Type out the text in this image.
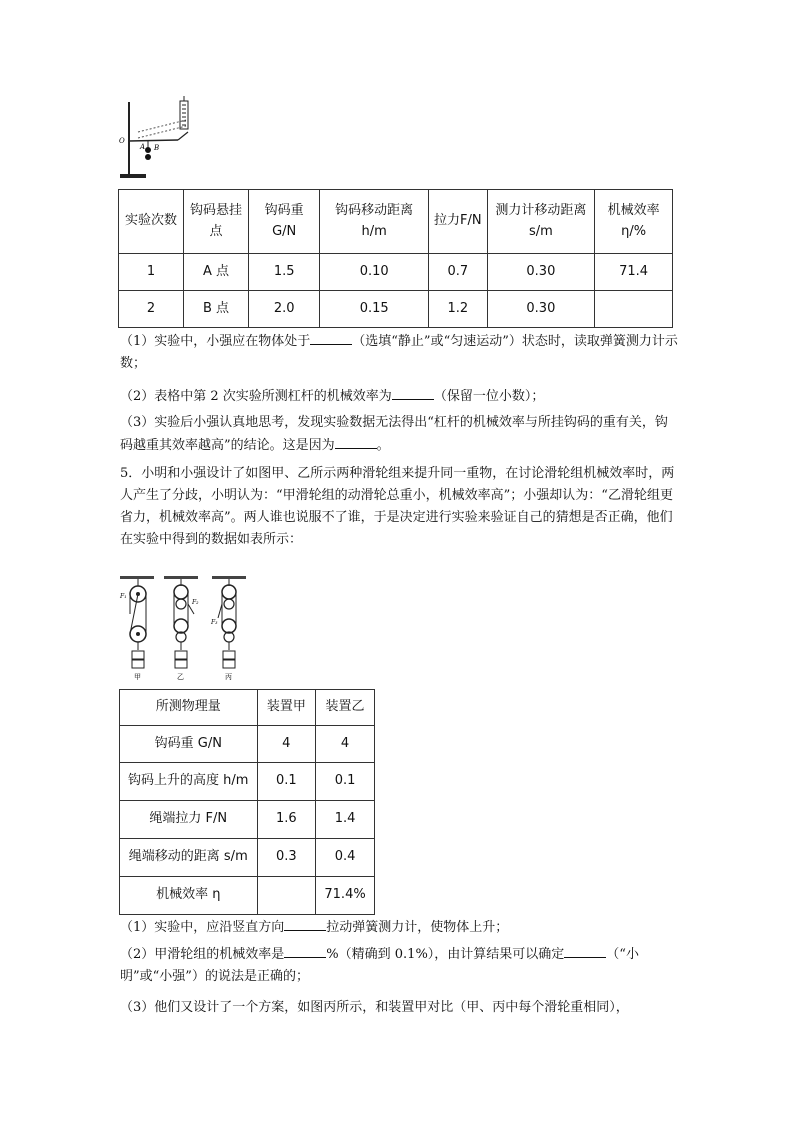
O
A B
实验次数	钩码悬挂点	钩码重G/N	钩码移动距离h/m	拉力F/N	测力计移动距离 s/m	机械效率η/%
1	A 点	1.5	0.10	0.7	0.30	71.4
2	B 点	2.0	0.15	1.2	0.30	

（1）实验中，小强应在物体处于	（选填“静止”或“匀速运动”）状态时，读取弹簧测力计示数；

（2）表格中第 2 次实验所测杠杆的机械效率为	（保留一位小数）；

（3）实验后小强认真地思考，发现实验数据无法得出“杠杆的机械效率与所挂钩码的重有关，钩码越重其效率越高”的结论。这是因为	。

5．小明和小强设计了如图甲、乙所示两种滑轮组来提升同一重物，在讨论滑轮组机械效率时，两人产生了分歧，小明认为：“甲滑轮组的动滑轮总重小，机械效率高”；小强却认为：“乙滑轮组更省力，机械效率高”。两人谁也说服不了谁，于是决定进行实验来验证自己的猜想是否正确，他们在实验中得到的数据如表所示：

F₁
甲
F₂
乙
F₃
丙
所测物理量	装置甲	装置乙
钩码重 G/N	4	4
钩码上升的高度 h/m	0.1	0.1
绳端拉力 F/N	1.6	1.4
绳端移动的距离 s/m	0.3	0.4
机械效率 η		71.4%

（1）实验中，应沿竖直方向	拉动弹簧测力计，使物体上升；

（2）甲滑轮组的机械效率是	%（精确到 0.1%），由计算结果可以确定	（“小明”或“小强”）的说法是正确的；

（3）他们又设计了一个方案，如图丙所示，和装置甲对比（甲、丙中每个滑轮重相同），
